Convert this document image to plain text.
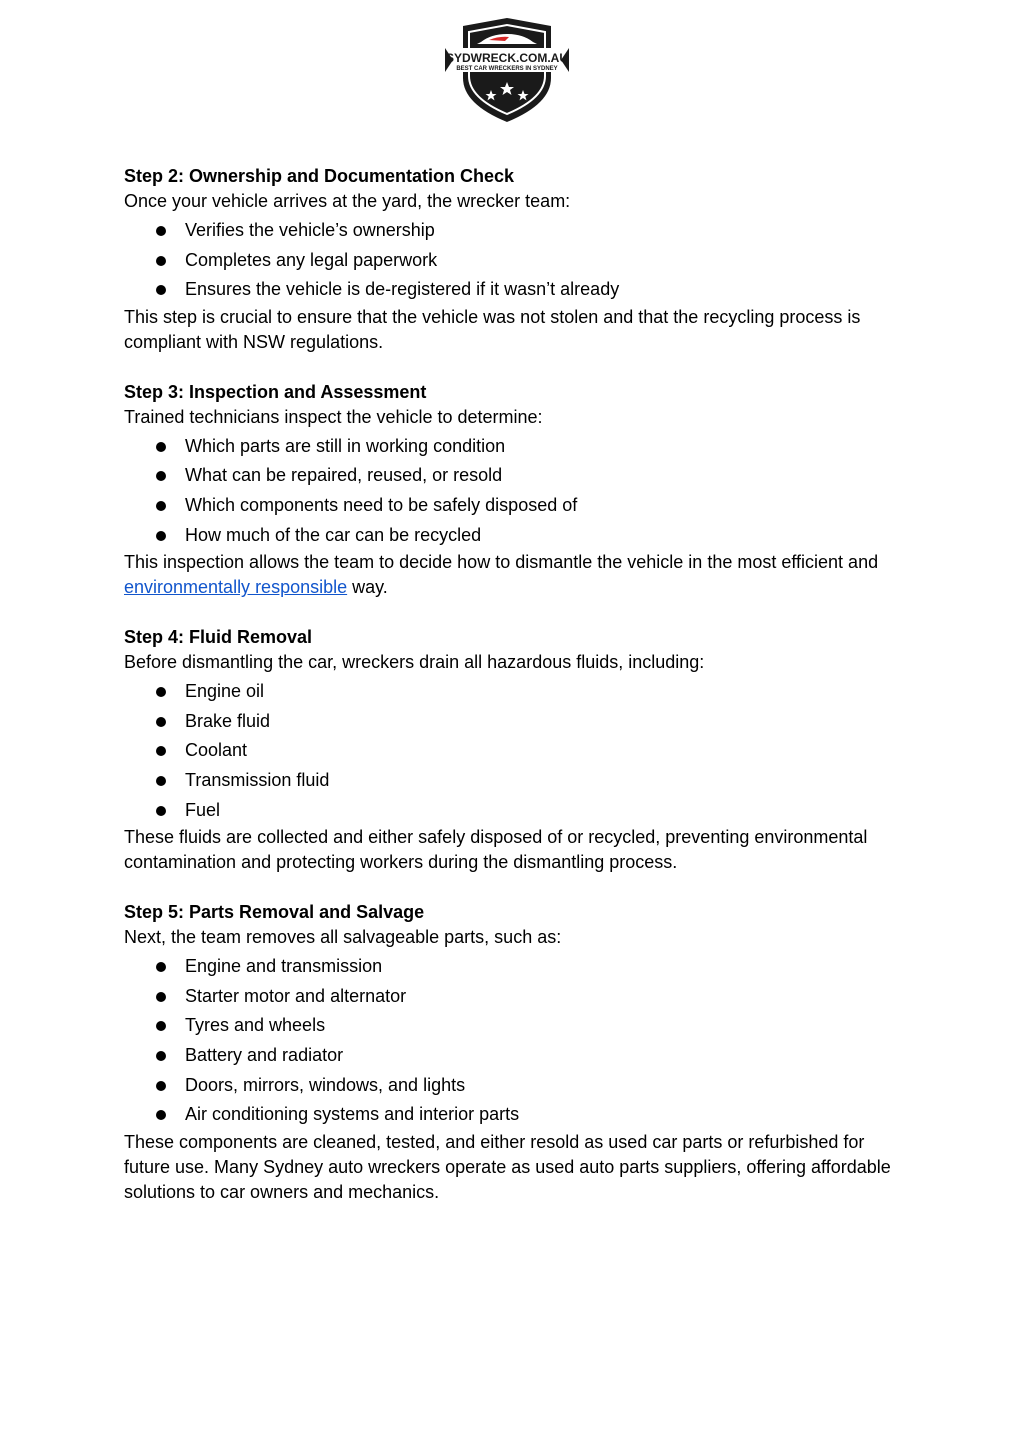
SYDWRECK.COM.AU
BEST CAR WRECKERS IN SYDNEY

Step 2: Ownership and Documentation Check

Once your vehicle arrives at the yard, the wrecker team:

Verifies the vehicle’s ownership
Completes any legal paperwork
Ensures the vehicle is de-registered if it wasn’t already

This step is crucial to ensure that the vehicle was not stolen and that the recycling process is compliant with NSW regulations.

Step 3: Inspection and Assessment

Trained technicians inspect the vehicle to determine:

Which parts are still in working condition
What can be repaired, reused, or resold
Which components need to be safely disposed of
How much of the car can be recycled

This inspection allows the team to decide how to dismantle the vehicle in the most efficient and environmentally responsible way.

Step 4: Fluid Removal

Before dismantling the car, wreckers drain all hazardous fluids, including:

Engine oil
Brake fluid
Coolant
Transmission fluid
Fuel

These fluids are collected and either safely disposed of or recycled, preventing environmental contamination and protecting workers during the dismantling process.

Step 5: Parts Removal and Salvage

Next, the team removes all salvageable parts, such as:

Engine and transmission
Starter motor and alternator
Tyres and wheels
Battery and radiator
Doors, mirrors, windows, and lights
Air conditioning systems and interior parts

These components are cleaned, tested, and either resold as used car parts or refurbished for future use. Many Sydney auto wreckers operate as used auto parts suppliers, offering affordable solutions to car owners and mechanics.
